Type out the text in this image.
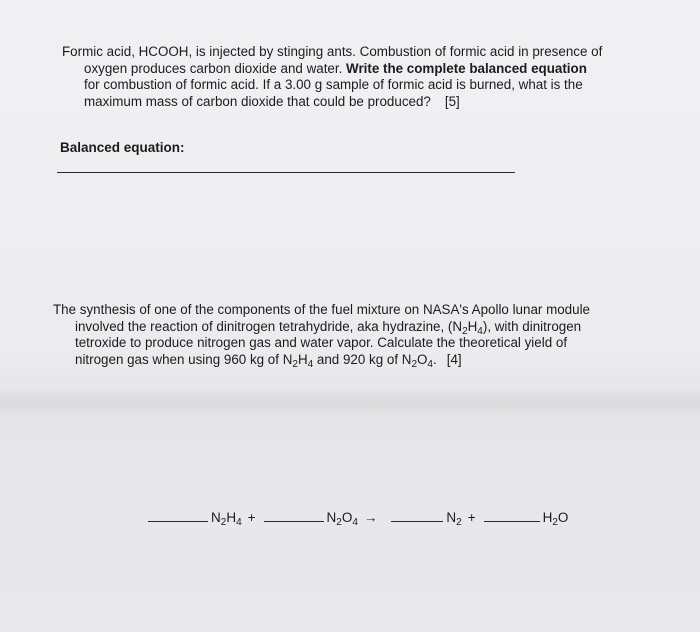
Formic acid, HCOOH, is injected by stinging ants. Combustion of formic acid in presence of
oxygen produces carbon dioxide and water. Write the complete balanced equation
for combustion of formic acid. If a 3.00 g sample of formic acid is burned, what is the
maximum mass of carbon dioxide that could be produced? [5]
Balanced equation:
The synthesis of one of the components of the fuel mixture on NASA's Apollo lunar module
involved the reaction of dinitrogen tetrahydride, aka hydrazine, $(N_2H_4)$, with dinitrogen
tetroxide to produce nitrogen gas and water vapor. Calculate the theoretical yield of
nitrogen gas when using 960 kg of $N_2H_4$ and 920 kg of $N_2O_4$. [4]
$N_2H_4$ +	$N_2O_4$ →	$N_2$ +	$H_2O$
